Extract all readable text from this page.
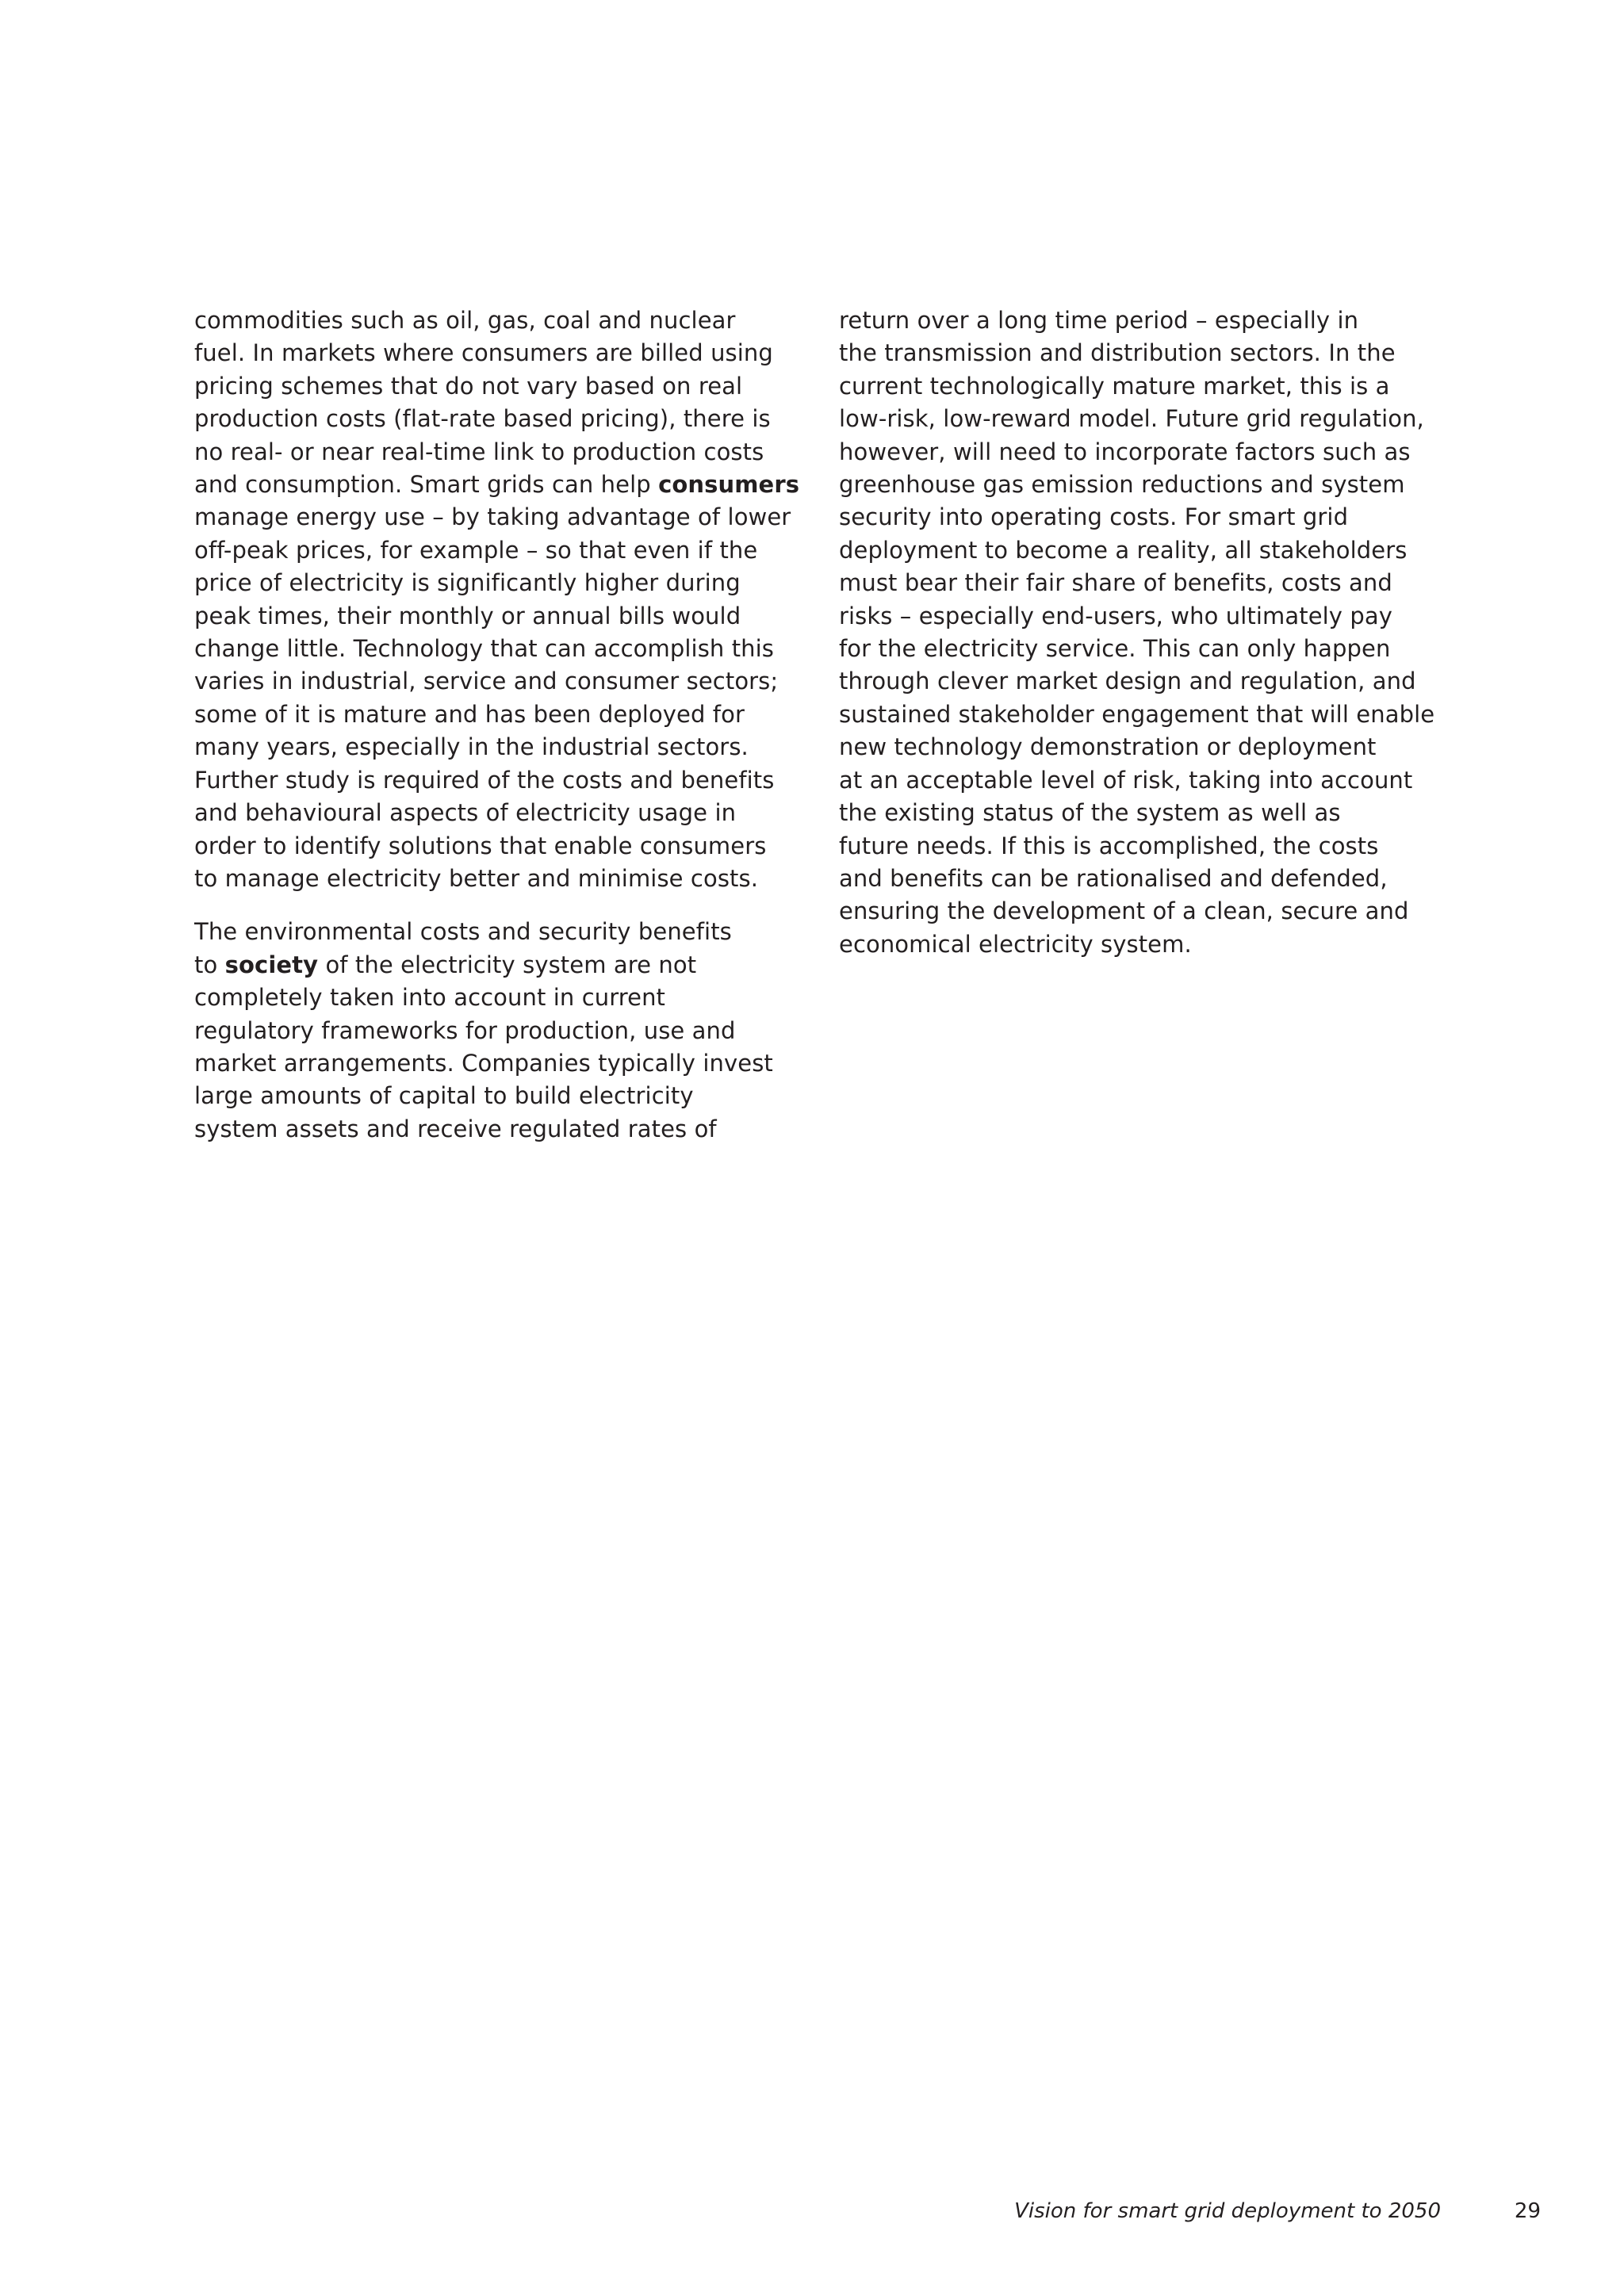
commodities such as oil, gas, coal and nuclear
fuel. In markets where consumers are billed using
pricing schemes that do not vary based on real
production costs (flat-rate based pricing), there is
no real- or near real-time link to production costs
and consumption. Smart grids can help consumers
manage energy use – by taking advantage of lower
off-peak prices, for example – so that even if the
price of electricity is significantly higher during
peak times, their monthly or annual bills would
change little. Technology that can accomplish this
varies in industrial, service and consumer sectors;
some of it is mature and has been deployed for
many years, especially in the industrial sectors.
Further study is required of the costs and benefits
and behavioural aspects of electricity usage in
order to identify solutions that enable consumers
to manage electricity better and minimise costs.

The environmental costs and security benefits
to society of the electricity system are not
completely taken into account in current
regulatory frameworks for production, use and
market arrangements. Companies typically invest
large amounts of capital to build electricity
system assets and receive regulated rates of

return over a long time period – especially in
the transmission and distribution sectors. In the
current technologically mature market, this is a
low-risk, low-reward model. Future grid regulation,
however, will need to incorporate factors such as
greenhouse gas emission reductions and system
security into operating costs. For smart grid
deployment to become a reality, all stakeholders
must bear their fair share of benefits, costs and
risks – especially end-users, who ultimately pay
for the electricity service. This can only happen
through clever market design and regulation, and
sustained stakeholder engagement that will enable
new technology demonstration or deployment
at an acceptable level of risk, taking into account
the existing status of the system as well as
future needs. If this is accomplished, the costs
and benefits can be rationalised and defended,
ensuring the development of a clean, secure and
economical electricity system.

Vision for smart grid deployment to 2050	29
